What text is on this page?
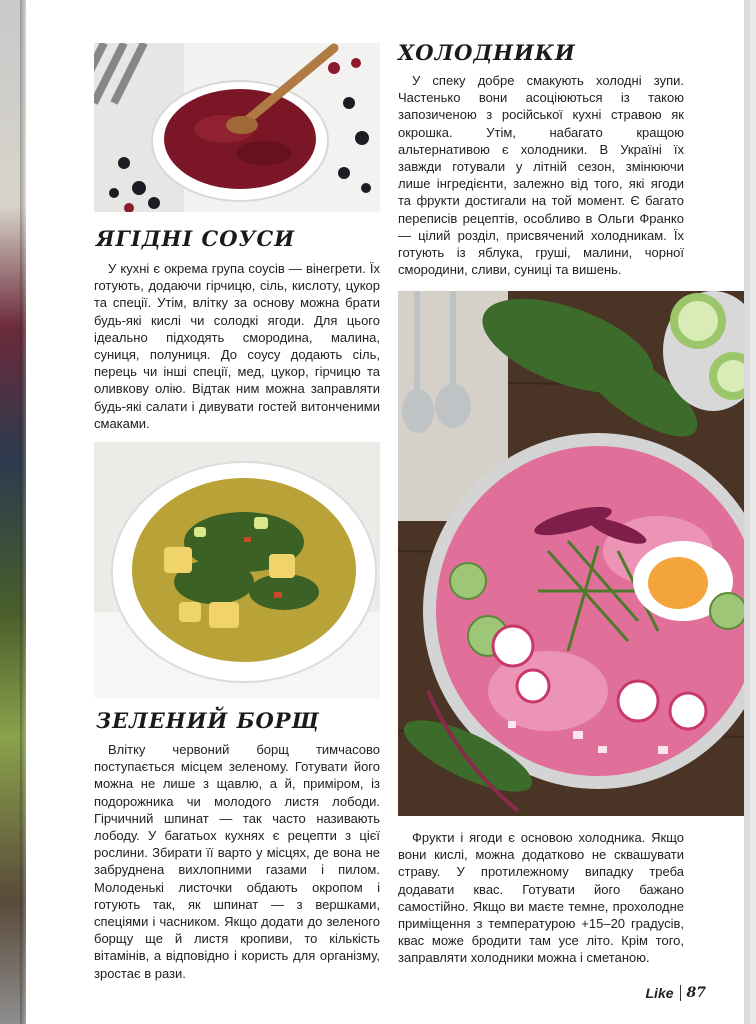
ЯГІДНІ СОУСИ

У кухні є окрема група соусів — вінегрети. Їх готують, додаючи гірчицю, сіль, кислоту, цукор та спеції. Утім, влітку за основу можна брати будь-які кислі чи солодкі ягоди. Для цього ідеально підходять смородина, малина, суниця, полуниця. До соусу додають сіль, перець чи інші спеції, мед, цукор, гірчицю та оливкову олію. Відтак ним можна заправляти будь-які салати і дивувати гостей витонченими смаками.

ЗЕЛЕНИЙ БОРЩ

Влітку червоний борщ тимчасово поступається місцем зеленому. Готувати його можна не лише з щавлю, а й, приміром, із подорожника чи молодого листя лободи. Гірчичний шпинат — так часто називають лободу. У багатьох кухнях є рецепти з цієї рослини. Збирати її варто у місцях, де вона не забруднена вихлопними газами і пилом. Молоденькі листочки обдають окропом і готують так, як шпинат — з вершками, спеціями і часником. Якщо додати до зеленого борщу ще й листя кропиви, то кількість вітамінів, а відповідно і користь для організму, зростає в рази.

ХОЛОДНИКИ

У спеку добре смакують холодні зупи. Частенько вони асоціюються із такою запозиченою з російської кухні стравою як окрошка. Утім, набагато кращою альтернативою є холодники. В Україні їх завжди готували у літній сезон, змінюючи лише інгредієнти, залежно від того, які ягоди та фрукти достигали на той момент. Є багато переписів рецептів, особливо в Ольги Франко — цілий розділ, присвячений холодникам. Їх готують із яблука, груші, малини, чорної смородини, сливи, суниці та вишень.

Фрукти і ягоди є основою холодника. Якщо вони кислі, можна додатково не сквашувати страву. У протилежному випадку треба додавати квас. Готувати його бажано самостійно. Якщо ви маєте темне, прохолодне приміщення з температурою +15–20 градусів, квас може бродити там усе літо. Крім того, заправляти холодники можна і сметаною.

Like 87
